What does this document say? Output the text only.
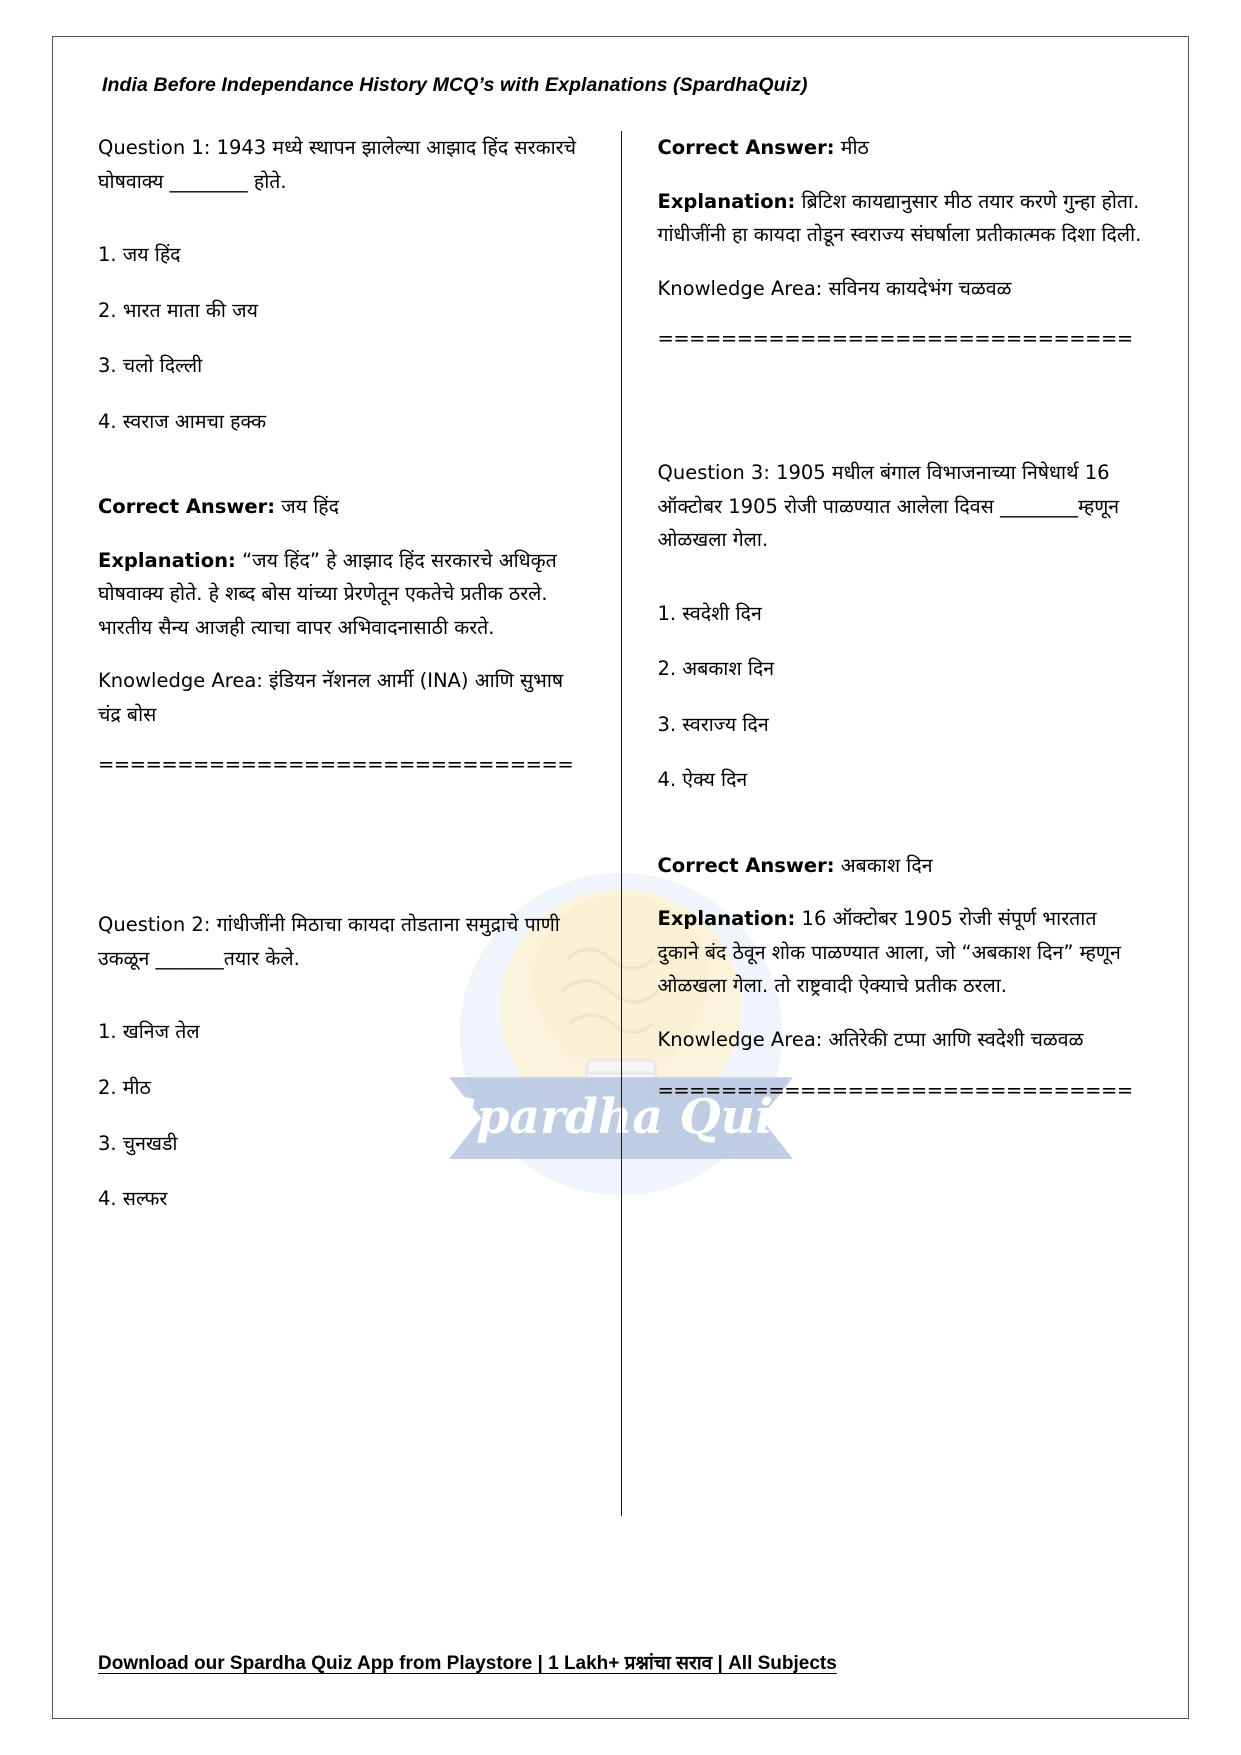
Spardha Quiz
India Before Independance History MCQ’s with Explanations (SpardhaQuiz)

Question 1: 1943 मध्ये स्थापन झालेल्या आझाद हिंद सरकारचे घोषवाक्य ________ होते.

1. जय हिंद

2. भारत माता की जय

3. चलो दिल्ली

4. स्वराज आमचा हक्क

Correct Answer: जय हिंद

Explanation: “जय हिंद” हे आझाद हिंद सरकारचे अधिकृत घोषवाक्य होते. हे शब्द बोस यांच्या प्रेरणेतून एकतेचे प्रतीक ठरले. भारतीय सैन्य आजही त्याचा वापर अभिवादनासाठी करते.

Knowledge Area: इंडियन नॅशनल आर्मी (INA) आणि सुभाष चंद्र बोस

==============================

Question 2: गांधीजींनी मिठाचा कायदा तोडताना समुद्राचे पाणी उकळून _______तयार केले.

1. खनिज तेल

2. मीठ

3. चुनखडी

4. सल्फर

Correct Answer: मीठ

Explanation: ब्रिटिश कायद्यानुसार मीठ तयार करणे गुन्हा होता. गांधीजींनी हा कायदा तोडून स्वराज्य संघर्षाला प्रतीकात्मक दिशा दिली.

Knowledge Area: सविनय कायदेभंग चळवळ

==============================

Question 3: 1905 मधील बंगाल विभाजनाच्या निषेधार्थ 16 ऑक्टोबर 1905 रोजी पाळण्यात आलेला दिवस ________म्हणून ओळखला गेला.

1. स्वदेशी दिन

2. अबकाश दिन

3. स्वराज्य दिन

4. ऐक्य दिन

Correct Answer: अबकाश दिन

Explanation: 16 ऑक्टोबर 1905 रोजी संपूर्ण भारतात दुकाने बंद ठेवून शोक पाळण्यात आला, जो “अबकाश दिन” म्हणून ओळखला गेला. तो राष्ट्रवादी ऐक्याचे प्रतीक ठरला.

Knowledge Area: अतिरेकी टप्पा आणि स्वदेशी चळवळ

==============================

Download our Spardha Quiz App from Playstore | 1 Lakh+ प्रश्नांचा सराव | All Subjects
